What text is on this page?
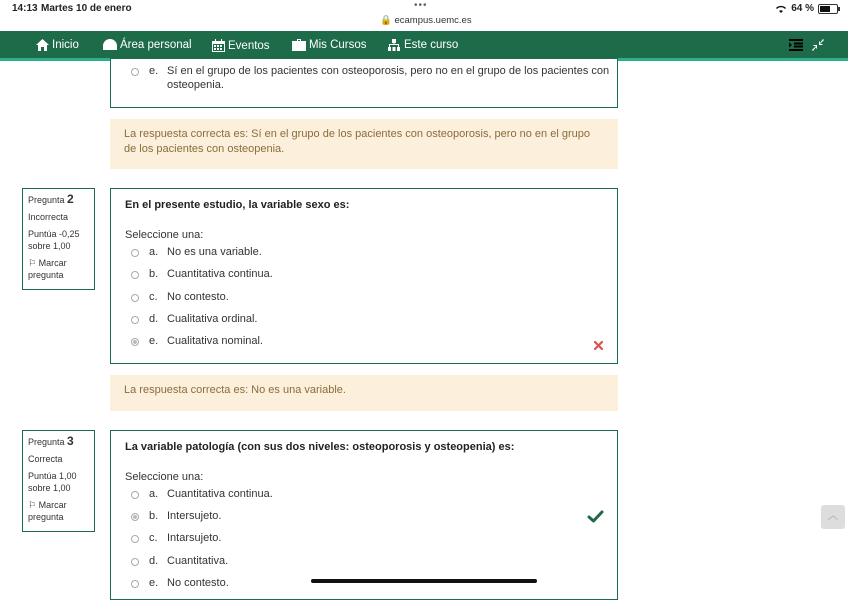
14:13 Martes 10 de enero	•••
🔒 ecampus.uemc.es
64 %
Inicio	Área personal	Eventos	Mis Cursos	Este curso
e. Sí en el grupo de los pacientes con osteoporosis, pero no en el grupo de los pacientes con osteopenia.
La respuesta correcta es: Sí en el grupo de los pacientes con osteoporosis, pero no en el grupo de los pacientes con osteopenia.
Pregunta 2
Incorrecta
Puntúa -0,25 sobre 1,00
⚐ Marcar pregunta
En el presente estudio, la variable sexo es:
Seleccione una:
a. No es una variable.
b. Cuantitativa continua.
c. No contesto.
d. Cualitativa ordinal.
e. Cualitativa nominal.
La respuesta correcta es: No es una variable.
Pregunta 3
Correcta
Puntúa 1,00 sobre 1,00
⚐ Marcar pregunta
La variable patología (con sus dos niveles: osteoporosis y osteopenia) es:
Seleccione una:
a. Cuantitativa continua.
b. Intersujeto.
c. Intarsujeto.
d. Cuantitativa.
e. No contesto.
︿
